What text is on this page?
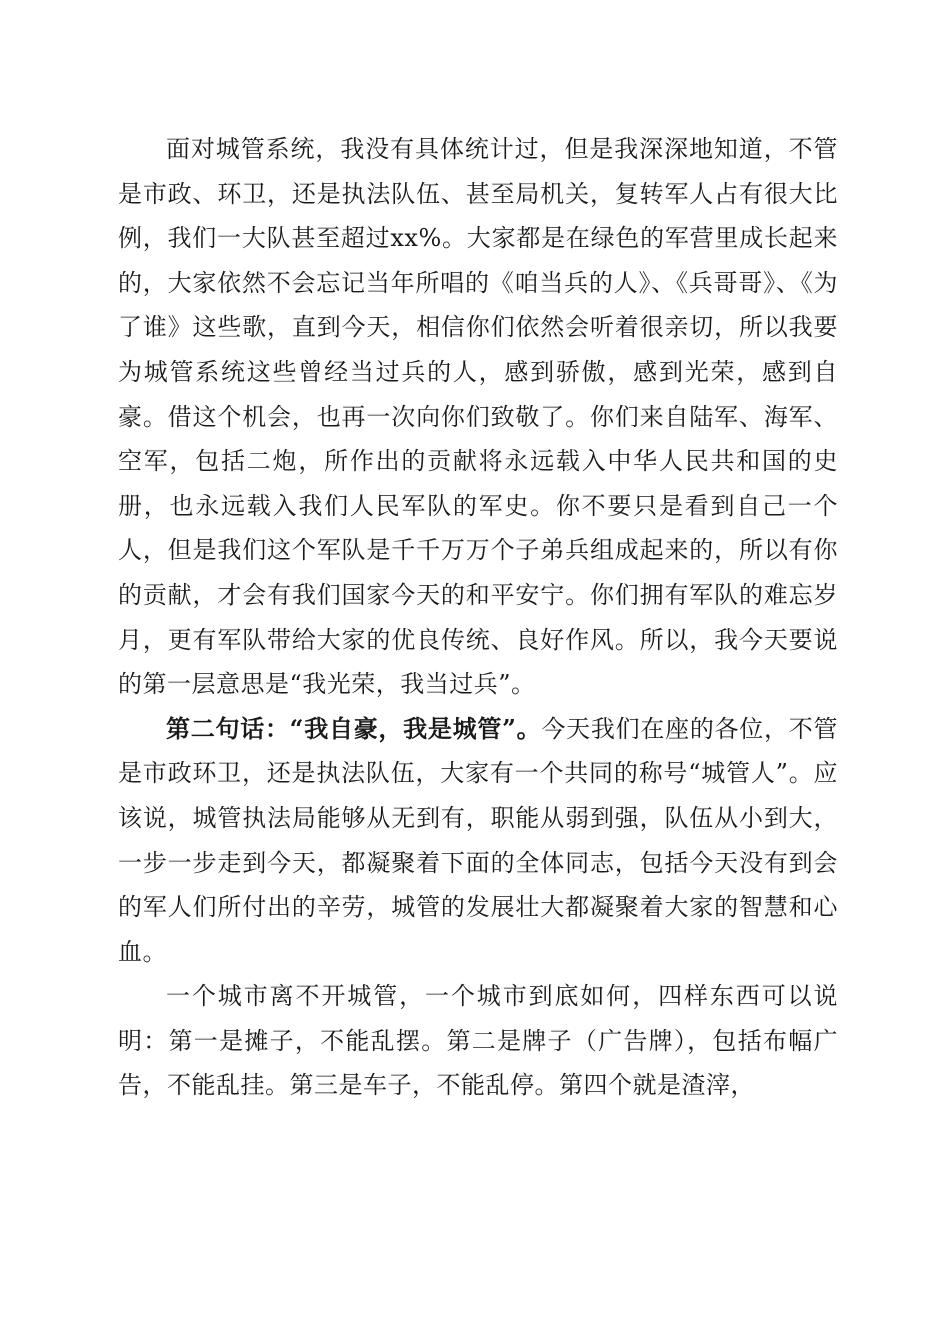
面对城管系统，我没有具体统计过，但是我深深地知道，不管是市政、环卫，还是执法队伍、甚至局机关，复转军人占有很大比例，我们一大队甚至超过xx%。大家都是在绿色的军营里成长起来的，大家依然不会忘记当年所唱的《咱当兵的人》、《兵哥哥》、《为了谁》这些歌，直到今天，相信你们依然会听着很亲切，所以我要为城管系统这些曾经当过兵的人，感到骄傲，感到光荣，感到自豪。借这个机会，也再一次向你们致敬了。你们来自陆军、海军、空军，包括二炮，所作出的贡献将永远载入中华人民共和国的史册，也永远载入我们人民军队的军史。你不要只是看到自己一个人，但是我们这个军队是千千万万个子弟兵组成起来的，所以有你的贡献，才会有我们国家今天的和平安宁。你们拥有军队的难忘岁月，更有军队带给大家的优良传统、良好作风。所以，我今天要说的第一层意思是“我光荣，我当过兵”。

第二句话：“我自豪，我是城管”。今天我们在座的各位，不管是市政环卫，还是执法队伍，大家有一个共同的称号“城管人”。应该说，城管执法局能够从无到有，职能从弱到强，队伍从小到大，一步一步走到今天，都凝聚着下面的全体同志，包括今天没有到会的军人们所付出的辛劳，城管的发展壮大都凝聚着大家的智慧和心血。

一个城市离不开城管，一个城市到底如何，四样东西可以说明：第一是摊子，不能乱摆。第二是牌子（广告牌），包括布幅广告，不能乱挂。第三是车子，不能乱停。第四个就是渣滓，
